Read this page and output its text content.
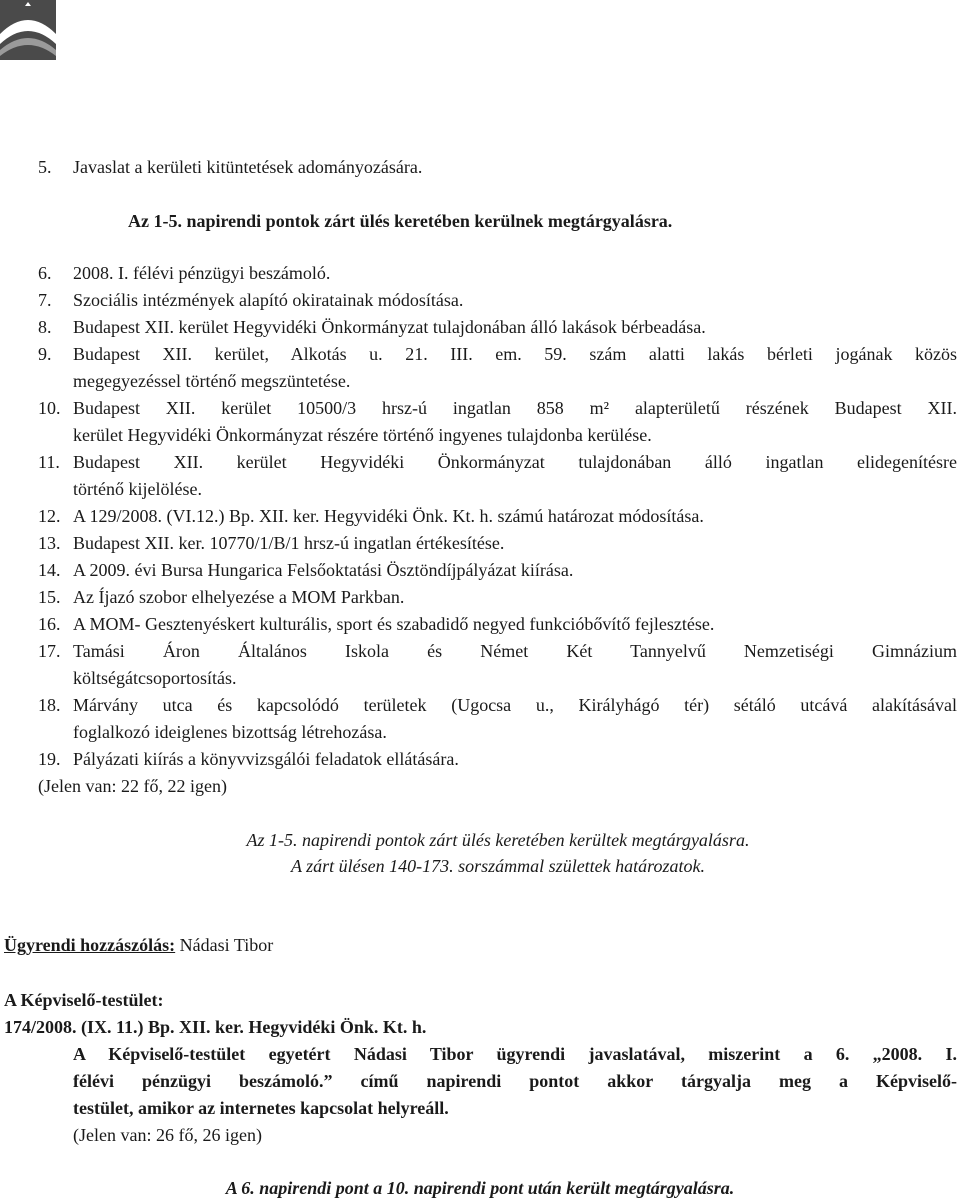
5. Javaslat a kerületi kitüntetések adományozására.
Az 1-5. napirendi pontok zárt ülés keretében kerülnek megtárgyalásra.
6. 2008. I. félévi pénzügyi beszámoló.
7. Szociális intézmények alapító okiratainak módosítása.
8. Budapest XII. kerület Hegyvidéki Önkormányzat tulajdonában álló lakások bérbeadása.
9. Budapest XII. kerület, Alkotás u. 21. III. em. 59. szám alatti lakás bérleti jogának közös
megegyezéssel történő megszüntetése.
10. Budapest XII. kerület 10500/3 hrsz-ú ingatlan 858 m² alapterületű részének Budapest XII.
kerület Hegyvidéki Önkormányzat részére történő ingyenes tulajdonba kerülése.
11. Budapest XII. kerület Hegyvidéki Önkormányzat tulajdonában álló ingatlan elidegenítésre
történő kijelölése.
12. A 129/2008. (VI.12.) Bp. XII. ker. Hegyvidéki Önk. Kt. h. számú határozat módosítása.
13. Budapest XII. ker. 10770/1/B/1 hrsz-ú ingatlan értékesítése.
14. A 2009. évi Bursa Hungarica Felsőoktatási Ösztöndíjpályázat kiírása.
15. Az Íjazó szobor elhelyezése a MOM Parkban.
16. A MOM- Gesztenyéskert kulturális, sport és szabadidő negyed funkcióbővítő fejlesztése.
17. Tamási Áron Általános Iskola és Német Két Tannyelvű Nemzetiségi Gimnázium
költségátcsoportosítás.
18. Márvány utca és kapcsolódó területek (Ugocsa u., Királyhágó tér) sétáló utcává alakításával
foglalkozó ideiglenes bizottság létrehozása.
19. Pályázati kiírás a könyvvizsgálói feladatok ellátására.
(Jelen van: 22 fő, 22 igen)
Az 1-5. napirendi pontok zárt ülés keretében kerültek megtárgyalásra.
A zárt ülésen 140-173. sorszámmal születtek határozatok.
Ügyrendi hozzászólás: Nádasi Tibor
A Képviselő-testület:
174/2008. (IX. 11.) Bp. XII. ker. Hegyvidéki Önk. Kt. h.
A Képviselő-testület egyetért Nádasi Tibor ügyrendi javaslatával, miszerint a 6. „2008. I.
félévi pénzügyi beszámoló.” című napirendi pontot akkor tárgyalja meg a Képviselő-
testület, amikor az internetes kapcsolat helyreáll.
(Jelen van: 26 fő, 26 igen)
A 6. napirendi pont a 10. napirendi pont után került megtárgyalásra.
